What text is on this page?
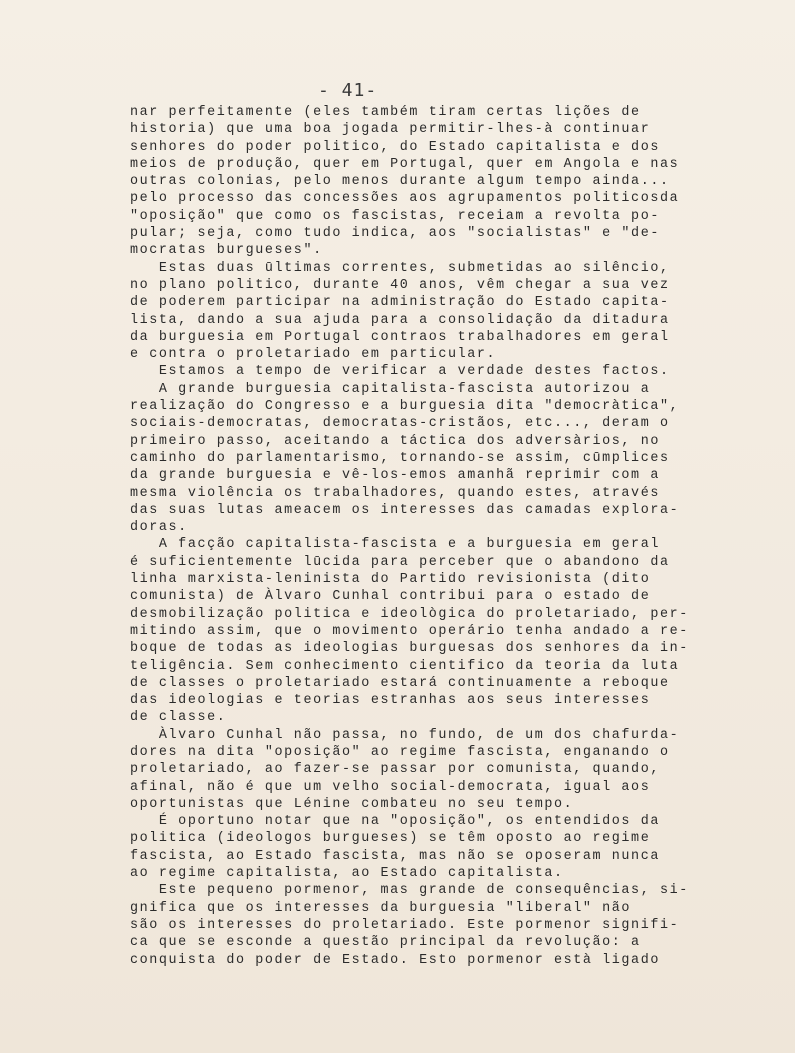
- 41-
nar perfeitamente (eles também tiram certas lições de
historia) que uma boa jogada permitir-lhes-à continuar
senhores do poder politico, do Estado capitalista e dos
meios de produção, quer em Portugal, quer em Angola e nas
outras colonias, pelo menos durante algum tempo ainda...
pelo processo das concessões aos agrupamentos politicosda
"oposição" que como os fascistas, receiam a revolta po-
pular; seja, como tudo indica, aos "socialistas" e "de-
mocratas burgueses".
Estas duas ūltimas correntes, submetidas ao silêncio,
no plano politico, durante 40 anos, vêm chegar a sua vez
de poderem participar na administração do Estado capita-
lista, dando a sua ajuda para a consolidação da ditadura
da burguesia em Portugal contraos trabalhadores em geral
e contra o proletariado em particular.
Estamos a tempo de verificar a verdade destes factos.
A grande burguesia capitalista-fascista autorizou a
realização do Congresso e a burguesia dita "democràtica",
sociais-democratas, democratas-cristãos, etc..., deram o
primeiro passo, aceitando a táctica dos adversàrios, no
caminho do parlamentarismo, tornando-se assim, cūmplices
da grande burguesia e vê-los-emos amanhã reprimir com a
mesma violência os trabalhadores, quando estes, através
das suas lutas ameacem os interesses das camadas explora-
doras.
A facção capitalista-fascista e a burguesia em geral
é suficientemente lūcida para perceber que o abandono da
linha marxista-leninista do Partido revisionista (dito
comunista) de Àlvaro Cunhal contribui para o estado de
desmobilização politica e ideològica do proletariado, per-
mitindo assim, que o movimento operário tenha andado a re-
boque de todas as ideologias burguesas dos senhores da in-
teligência. Sem conhecimento cientifico da teoria da luta
de classes o proletariado estará continuamente a reboque
das ideologias e teorias estranhas aos seus interesses
de classe.
Àlvaro Cunhal não passa, no fundo, de um dos chafurda-
dores na dita "oposição" ao regime fascista, enganando o
proletariado, ao fazer-se passar por comunista, quando,
afinal, não é que um velho social-democrata, igual aos
oportunistas que Lénine combateu no seu tempo.
É oportuno notar que na "oposição", os entendidos da
politica (ideologos burgueses) se têm oposto ao regime
fascista, ao Estado fascista, mas não se oposeram nunca
ao regime capitalista, ao Estado capitalista.
Este pequeno pormenor, mas grande de consequências, si-
gnifica que os interesses da burguesia "liberal" não
são os interesses do proletariado. Este pormenor signifi-
ca que se esconde a questão principal da revolução: a
conquista do poder de Estado. Esto pormenor està ligado
